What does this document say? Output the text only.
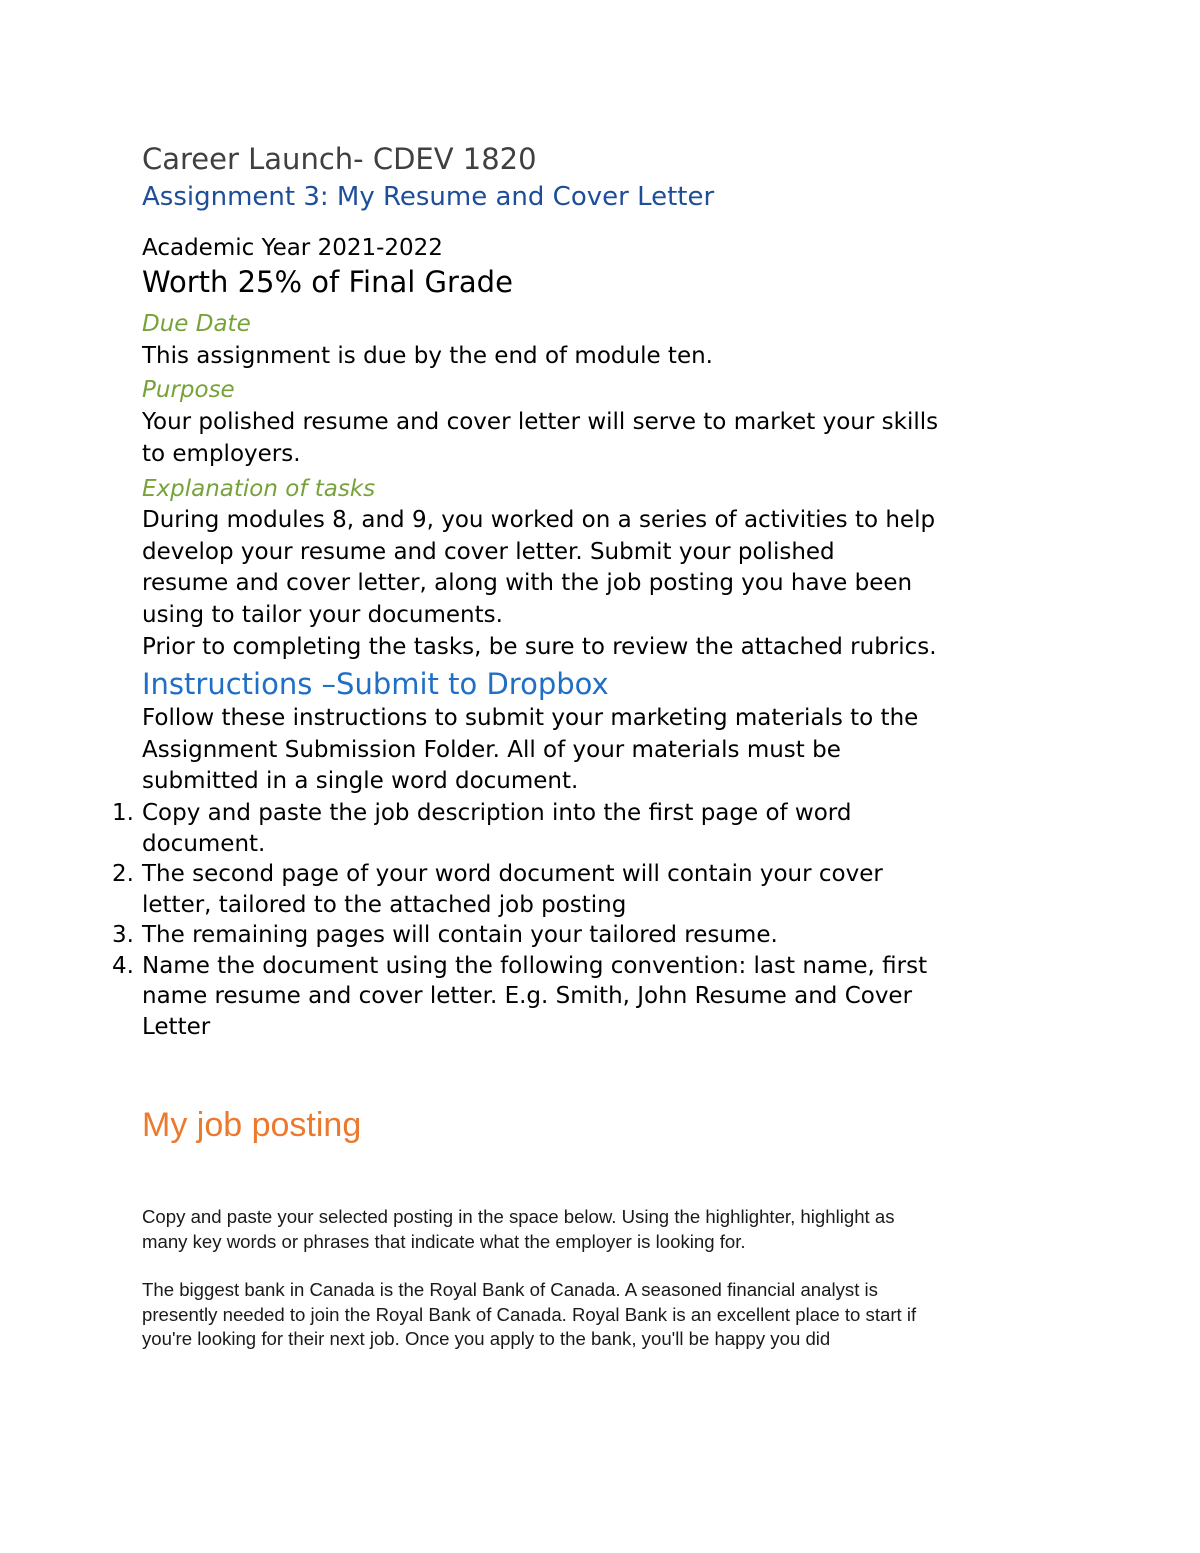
Career Launch- CDEV 1820

Assignment 3: My Resume and Cover Letter

Academic Year 2021-2022

Worth 25% of Final Grade

Due Date

This assignment is due by the end of module ten.

Purpose

Your polished resume and cover letter will serve to market your skills
to employers.

Explanation of tasks

During modules 8, and 9, you worked on a series of activities to help
develop your resume and cover letter. Submit your polished
resume and cover letter, along with the job posting you have been
using to tailor your documents.

Prior to completing the tasks, be sure to review the attached rubrics.

Instructions –Submit to Dropbox

Follow these instructions to submit your marketing materials to the
Assignment Submission Folder. All of your materials must be
submitted in a single word document.
1. Copy and paste the job description into the first page of word
document.
2. The second page of your word document will contain your cover
letter, tailored to the attached job posting
3. The remaining pages will contain your tailored resume.
4. Name the document using the following convention: last name, first
name resume and cover letter. E.g. Smith, John Resume and Cover
Letter

My job posting

Copy and paste your selected posting in the space below. Using the highlighter, highlight as
many key words or phrases that indicate what the employer is looking for.
The biggest bank in Canada is the Royal Bank of Canada. A seasoned financial analyst is
presently needed to join the Royal Bank of Canada. Royal Bank is an excellent place to start if
you're looking for their next job. Once you apply to the bank, you'll be happy you did
